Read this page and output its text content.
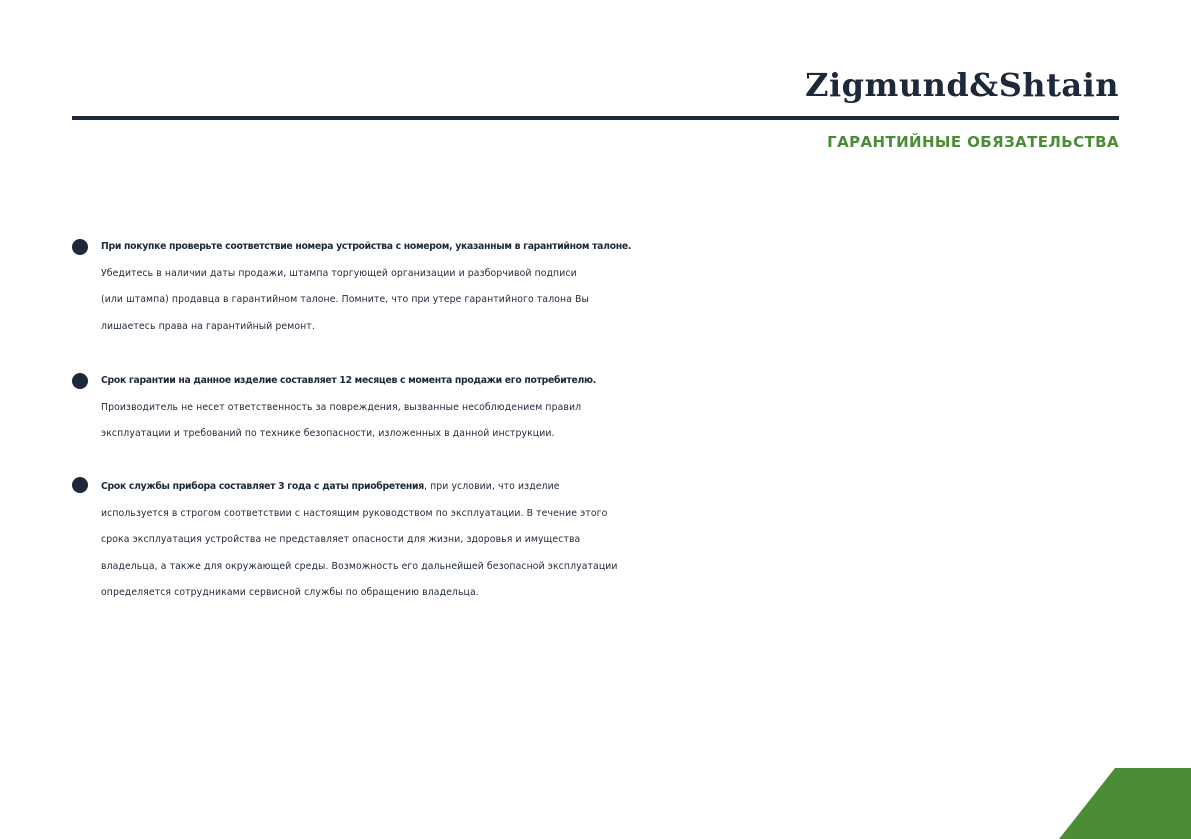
Zigmund&Shtain
ГАРАНТИЙНЫЕ ОБЯЗАТЕЛЬСТВА
При покупке проверьте соответствие номера устройства с номером, указанным в гарантийном талоне.
Убедитесь в наличии даты продажи, штампа торгующей организации и разборчивой подписи
(или штампа) продавца в гарантийном талоне. Помните, что при утере гарантийного талона Вы
лишаетесь права на гарантийный ремонт.
Срок гарантии на данное изделие составляет 12 месяцев с момента продажи его потребителю.
Производитель не несет ответственность за повреждения, вызванные несоблюдением правил
эксплуатации и требований по технике безопасности, изложенных в данной инструкции.
Срок службы прибора составляет 3 года с даты приобретения, при условии, что изделие
используется в строгом соответствии с настоящим руководством по эксплуатации. В течение этого
срока эксплуатация устройства не представляет опасности для жизни, здоровья и имущества
владельца, а также для окружающей среды. Возможность его дальнейшей безопасной эксплуатации
определяется сотрудниками сервисной службы по обращению владельца.
